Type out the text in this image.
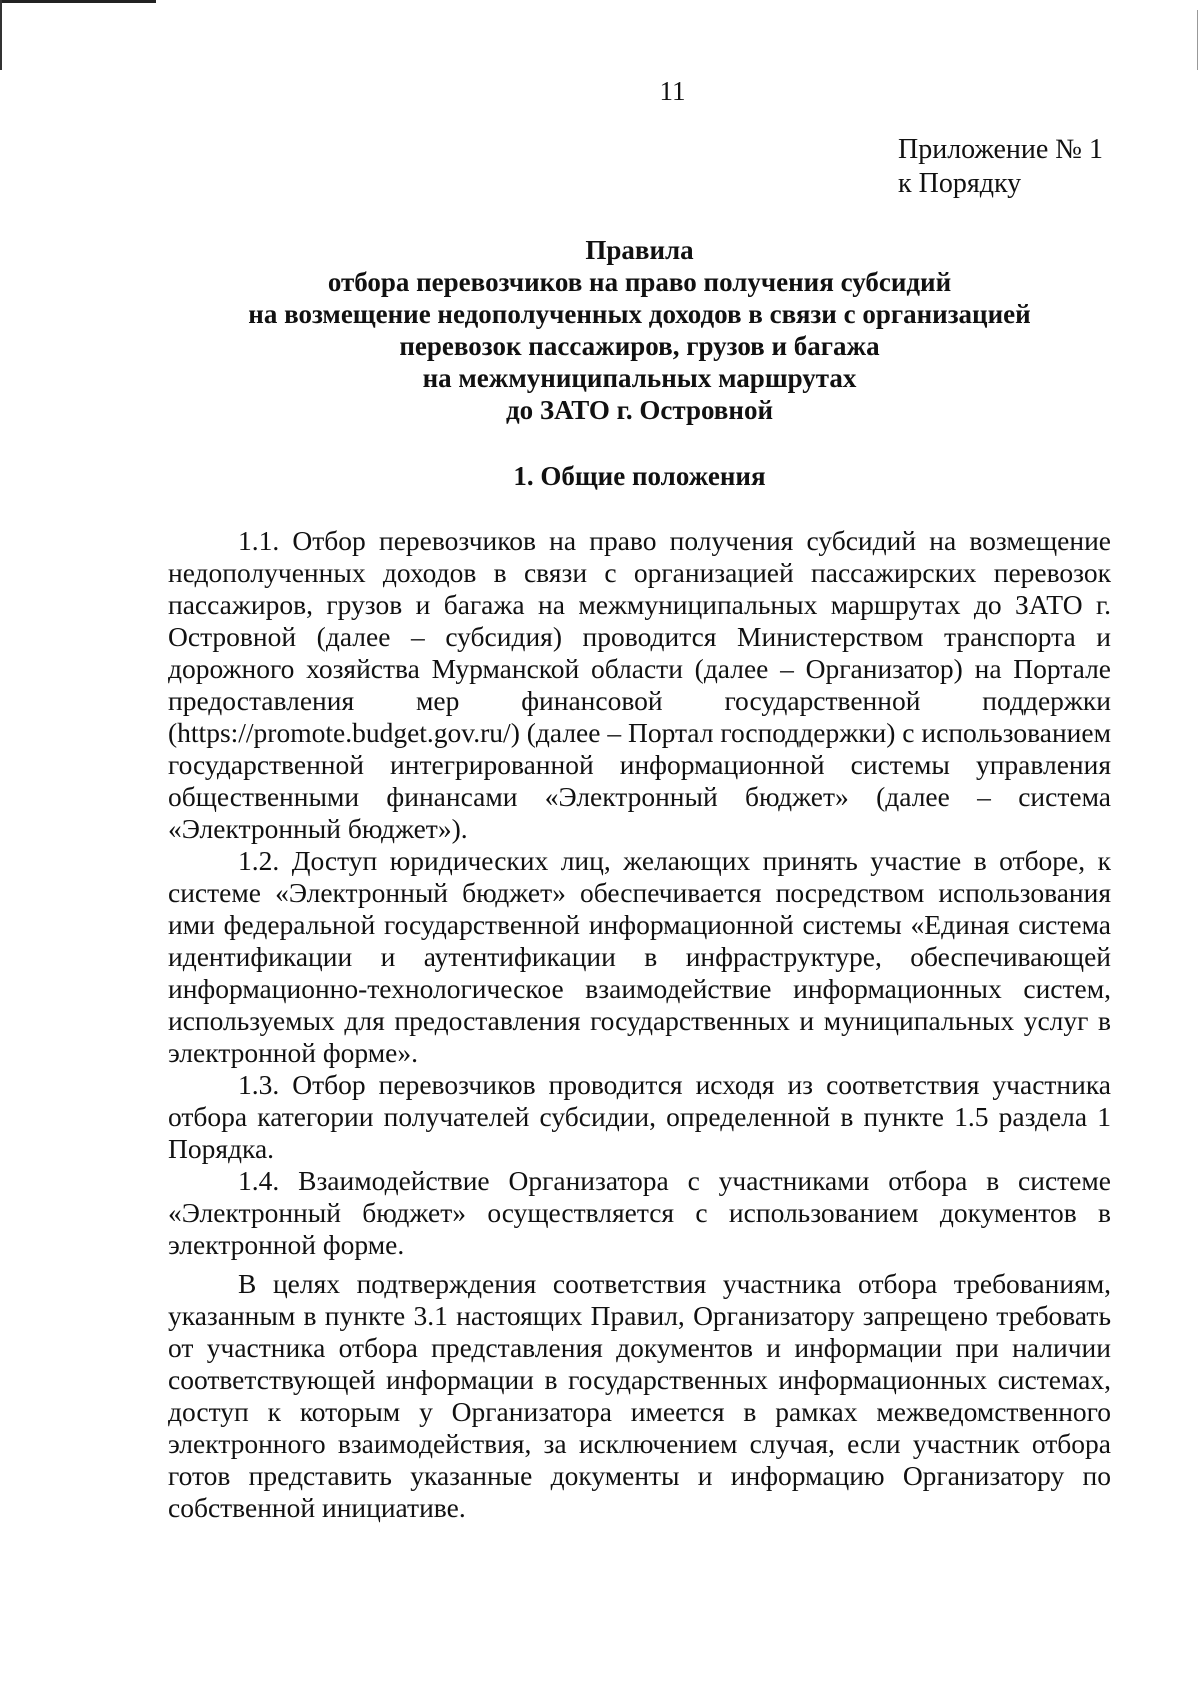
11
Приложение № 1
к Порядку
Правила
отбора перевозчиков на право получения субсидий
на возмещение недополученных доходов в связи с организацией
перевозок пассажиров, грузов и багажа
на межмуниципальных маршрутах
до ЗАТО г. Островной
1. Общие положения

1.1. Отбор перевозчиков на право получения субсидий на возмещение недополученных доходов в связи с организацией пассажирских перевозок пассажиров, грузов и багажа на межмуниципальных маршрутах до ЗАТО г. Островной (далее – субсидия) проводится Министерством транспорта и дорожного хозяйства Мурманской области (далее – Организатор) на Портале предоставления мер финансовой государственной поддержки (https://promote.budget.gov.ru/) (далее – Портал господдержки) с использованием государственной интегрированной информационной системы управления общественными финансами «Электронный бюджет» (далее – система «Электронный бюджет»).

1.2. Доступ юридических лиц, желающих принять участие в отборе, к системе «Электронный бюджет» обеспечивается посредством использования ими федеральной государственной информационной системы «Единая система идентификации и аутентификации в инфраструктуре, обеспечивающей информационно-технологическое взаимодействие информационных систем, используемых для предоставления государственных и муниципальных услуг в электронной форме».

1.3. Отбор перевозчиков проводится исходя из соответствия участника отбора категории получателей субсидии, определенной в пункте 1.5 раздела 1 Порядка.

1.4. Взаимодействие Организатора с участниками отбора в системе «Электронный бюджет» осуществляется с использованием документов в электронной форме.

В целях подтверждения соответствия участника отбора требованиям, указанным в пункте 3.1 настоящих Правил, Организатору запрещено требовать от участника отбора представления документов и информации при наличии соответствующей информации в государственных информационных системах, доступ к которым у Организатора имеется в рамках межведомственного электронного взаимодействия, за исключением случая, если участник отбора готов представить указанные документы и информацию Организатору по собственной инициативе.
